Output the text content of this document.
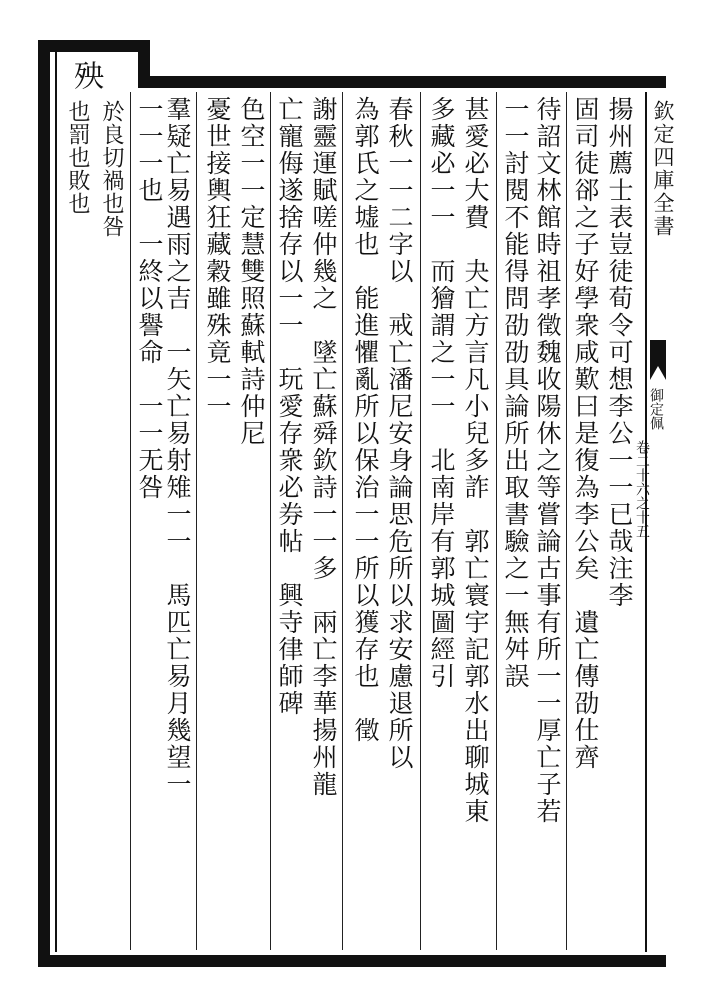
欽定四庫全書
御定佩
卷二十六之十五
揚州薦士表豈徒荀令可想李公一一已哉注李
固司徒郤之子好學衆咸歎曰是復為李公矣　遺亡傳劭仕齊
待詔文林館時祖孝徵魏收陽休之等嘗論古事有所一一厚亡子若
一一討閱不能得問劭劭具論所出取書驗之一無舛誤
甚愛必大費　夬亡方言凡小兒多詐　郭亡寰宇記郭水出聊城東
多藏必一一　而獪謂之一一　北南岸有郭城圖經引
春秋一一二字以　戒亡潘尼安身論思危所以求安慮退所以
為郭氏之墟也　能進懼亂所以保治一一所以獲存也　徵
謝靈運賦嗟仲幾之　墜亡蘇舜欽詩一一多　兩亡李華揚州龍
亡寵侮遂捨存以一一　玩愛存衆必券帖　興寺律師碑
色空一一定慧雙照蘇軾詩仲尼
憂世接輿狂藏穀雖殊竟一一
羣疑亡易遇雨之吉　一矢亡易射雉一一　馬匹亡易月幾望一
一一一也　一終以譽命　一一无咎
殃
於良切禍也咎
也罰也敗也
